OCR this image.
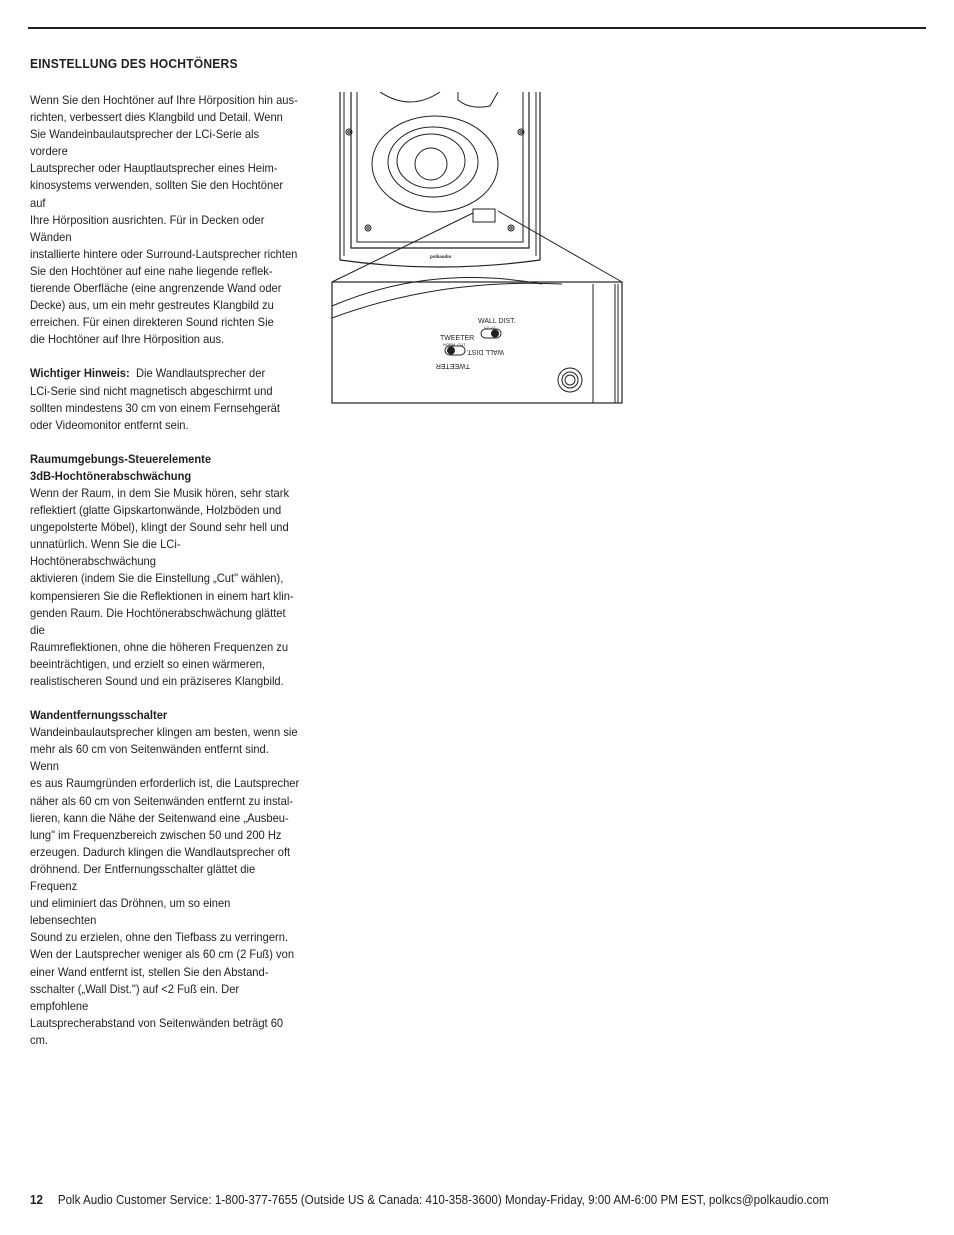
EINSTELLUNG DES HOCHTÖNERS
Wenn Sie den Hochtöner auf Ihre Hörposition hin aus-
richten, verbessert dies Klangbild und Detail. Wenn
Sie Wandeinbaulautsprecher der LCi-Serie als vordere
Lautsprecher oder Hauptlautsprecher eines Heim-
kinosystems verwenden, sollten Sie den Hochtöner auf
Ihre Hörposition ausrichten. Für in Decken oder Wänden
installierte hintere oder Surround-Lautsprecher richten
Sie den Hochtöner auf eine nahe liegende reflek-
tierende Oberfläche (eine angrenzende Wand oder
Decke) aus, um ein mehr gestreutes Klangbild zu
erreichen. Für einen direkteren Sound richten Sie
die Hochtöner auf Ihre Hörposition aus.
Wichtiger Hinweis: Die Wandlautsprecher der
LCi-Serie sind nicht magnetisch abgeschirmt und
sollten mindestens 30 cm von einem Fernsehgerät
oder Videomonitor entfernt sein.
Raumumgebungs-Steuerelemente
3dB-Hochtönerabschwächung
Wenn der Raum, in dem Sie Musik hören, sehr stark
reflektiert (glatte Gipskartonwände, Holzböden und
ungepolsterte Möbel), klingt der Sound sehr hell und
unnatürlich. Wenn Sie die LCi-Hochtönerabschwächung
aktivieren (indem Sie die Einstellung „Cut" wählen),
kompensieren Sie die Reflektionen in einem hart klin-
genden Raum. Die Hochtönerabschwächung glättet die
Raumreflektionen, ohne die höheren Frequenzen zu
beeinträchtigen, und erzielt so einen wärmeren,
realistischeren Sound und ein präziseres Klangbild.
Wandentfernungsschalter
Wandeinbaulautsprecher klingen am besten, wenn sie
mehr als 60 cm von Seitenwänden entfernt sind. Wenn
es aus Raumgründen erforderlich ist, die Lautsprecher
näher als 60 cm von Seitenwänden entfernt zu instal-
lieren, kann die Nähe der Seitenwand eine „Ausbeu-
lung" im Frequenzbereich zwischen 50 und 200 Hz
erzeugen. Dadurch klingen die Wandlautsprecher oft
dröhnend. Der Entfernungsschalter glättet die Frequenz
und eliminiert das Dröhnen, um so einen lebensechten
Sound zu erzielen, ohne den Tiefbass zu verringern.
Wen der Lautsprecher weniger als 60 cm (2 Fuß) von
einer Wand entfernt ist, stellen Sie den Abstand-
sschalter („Wall Dist.") auf <2 Fuß ein. Der empfohlene
Lautsprecherabstand von Seitenwänden beträgt 60 cm.
polkaudio
TWEETER
NORM. CUT
WALL DIST.
<2' >2'
WALL DIST.
TWEETER
12 Polk Audio Customer Service: 1-800-377-7655 (Outside US & Canada: 410-358-3600) Monday-Friday, 9:00 AM-6:00 PM EST, polkcs@polkaudio.com
